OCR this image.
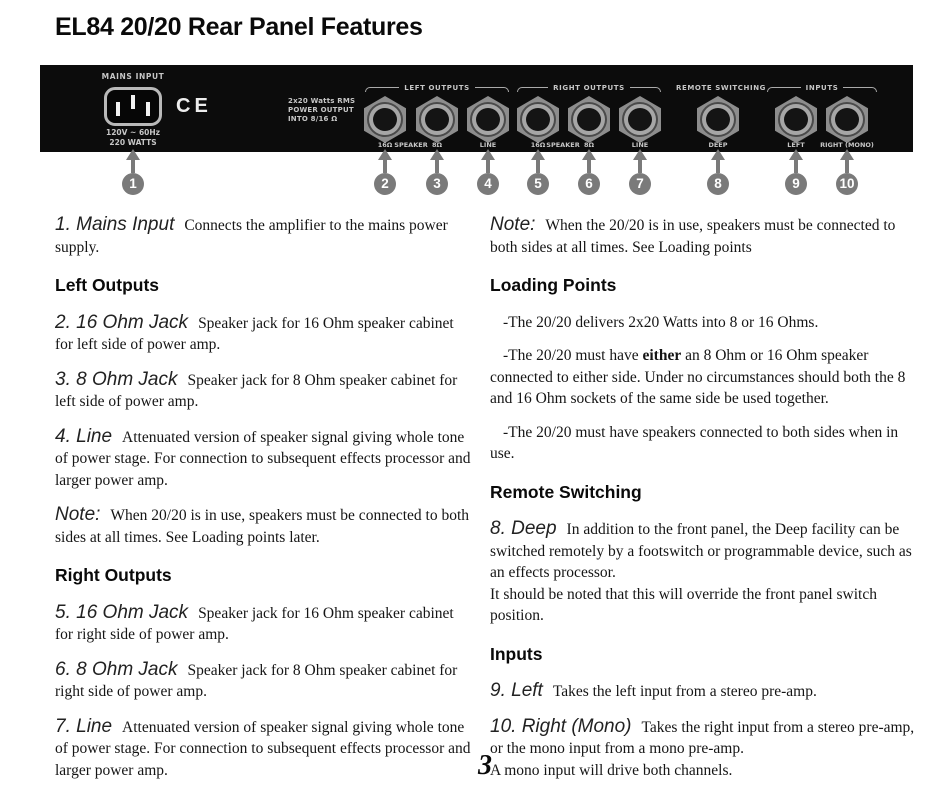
EL84 20/20 Rear Panel Features
MAINS INPUT
CE
120V ~ 60Hz
220 WATTS
2x20 Watts RMS
POWER OUTPUT
INTO 8/16 Ω
LEFT OUTPUTS	RIGHT OUTPUTS	REMOTE SWITCHING	INPUTS
16Ω SPEAKER 8Ω	LINE	16Ω SPEAKER 8Ω	LINE	DEEP	LEFT RIGHT (MONO)
1	2	3	4	5	6	7	8	9	10

1. Mains Input Connects the amplifier to the mains power supply.

Left Outputs

2. 16 Ohm Jack Speaker jack for 16 Ohm speaker cabinet for left side of power amp.

3. 8 Ohm Jack Speaker jack for 8 Ohm speaker cabinet for left side of power amp.

4. Line Attenuated version of speaker signal giving whole tone of power stage. For connection to subsequent effects processor and larger power amp.

Note: When 20/20 is in use, speakers must be connected to both sides at all times. See Loading points later.

Right Outputs

5. 16 Ohm Jack Speaker jack for 16 Ohm speaker cabinet for right side of power amp.

6. 8 Ohm Jack Speaker jack for 8 Ohm speaker cabinet for right side of power amp.

7. Line Attenuated version of speaker signal giving whole tone of power stage. For connection to subsequent effects processor and larger power amp.

Note: When the 20/20 is in use, speakers must be connected to both sides at all times. See Loading points

Loading Points

-The 20/20 delivers 2x20 Watts into 8 or 16 Ohms.

-The 20/20 must have either an 8 Ohm or 16 Ohm speaker connected to either side. Under no circumstances should both the 8 and 16 Ohm sockets of the same side be used together.

-The 20/20 must have speakers connected to both sides when in use.

Remote Switching

8. Deep In addition to the front panel, the Deep facility can be switched remotely by a footswitch or programmable device, such as an effects processor.
It should be noted that this will override the front panel switch position.

Inputs

9. Left Takes the left input from a stereo pre-amp.

10. Right (Mono) Takes the right input from a stereo pre-amp, or the mono input from a mono pre-amp.
A mono input will drive both channels.

3
